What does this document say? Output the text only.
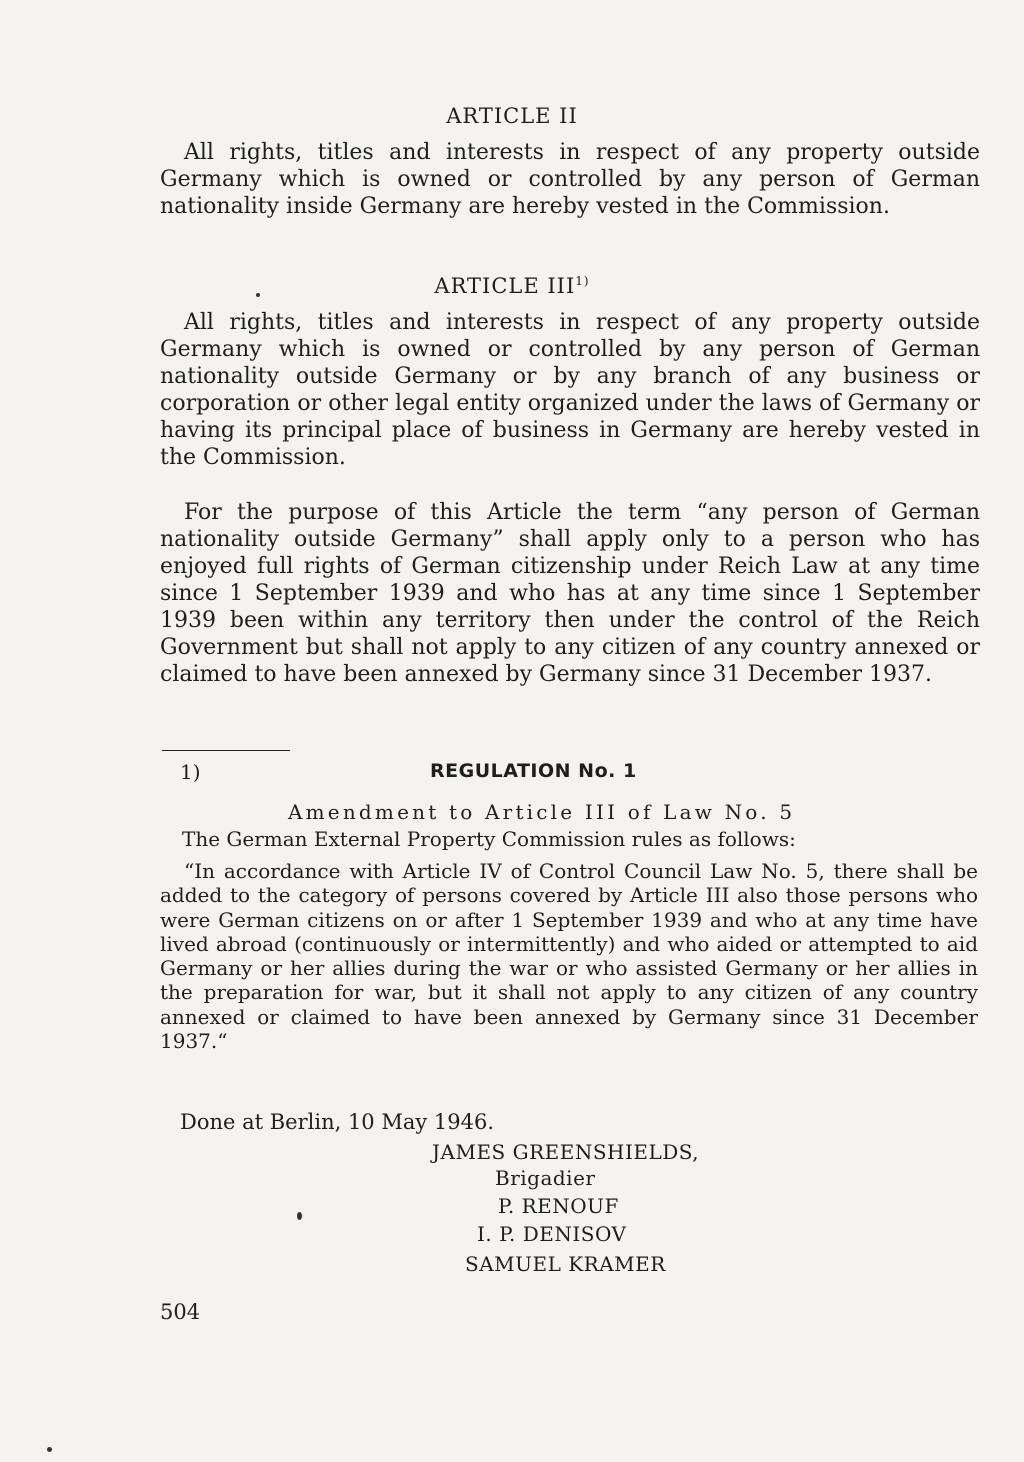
ARTICLE II

All rights, titles and interests in respect of any property outside Germany which is owned or controlled by any person of German nationality inside Germany are hereby vested in the Commission.

ARTICLE III$^{1)}$

All rights, titles and interests in respect of any property outside Germany which is owned or controlled by any person of German nationality outside Germany or by any branch of any business or corporation or other legal entity organized under the laws of Germany or having its principal place of business in Germany are hereby vested in the Commission.

For the purpose of this Article the term “any person of German nationality outside Germany” shall apply only to a person who has enjoyed full rights of German citizenship under Reich Law at any time since 1 September 1939 and who has at any time since 1 September 1939 been within any territory then under the control of the Reich Government but shall not apply to any citizen of any country annexed or claimed to have been annexed by Germany since 31 December 1937.

1)	REGULATION No. 1
Amendment to Article III of Law No. 5

The German External Property Commission rules as follows:

“In accordance with Article IV of Control Council Law No. 5, there shall be added to the category of persons covered by Article III also those persons who were German citizens on or after 1 September 1939 and who at any time have lived abroad (continuously or intermittently) and who aided or attempted to aid Germany or her allies during the war or who assisted Germany or her allies in the preparation for war, but it shall not apply to any citizen of any country annexed or claimed to have been annexed by Germany since 31 December 1937.“

Done at Berlin, 10 May 1946.
JAMES GREENSHIELDS,
Brigadier
P. RENOUF
I. P. DENISOV
SAMUEL KRAMER
504
